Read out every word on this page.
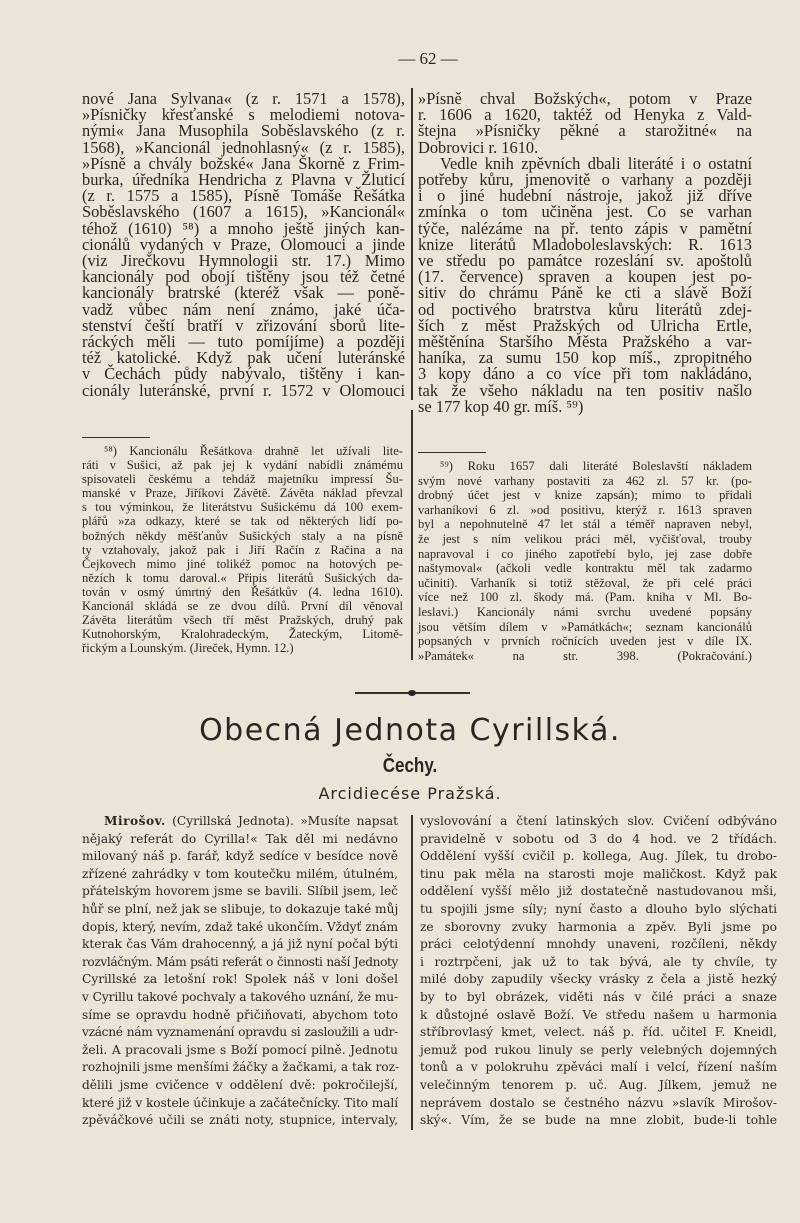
— 62 —
nové Jana Sylvana« (z r. 1571 a 1578),
»Písničky křesťanské s melodiemi notova-
nými« Jana Musophila Soběslavského (z r.
1568), »Kancionál jednohlasný« (z r. 1585),
»Písně a chvály božské« Jana Škorně z Frim-
burka, úředníka Hendricha z Plavna v Žluticí
(z r. 1575 a 1585), Písně Tomáše Řešátka
Soběslavského (1607 a 1615), »Kancionál«
téhož (1610) ⁵⁸) a mnoho ještě jiných kan-
cionálů vydaných v Praze, Olomouci a jinde
(viz Jirečkovu Hymnologii str. 17.) Mimo
kancionály pod obojí tištěny jsou též četné
kancionály bratrské (kteréž však — poně-
vadž vůbec nám není známo, jaké úča-
stenství čeští bratří v zřizování sborů lite-
ráckých měli — tuto pomíjíme) a později
též katolické. Když pak učení luteránské
v Čechách půdy nabývalo, tištěny i kan-
cionály luteránské, první r. 1572 v Olomouci
»Písně chval Božských«, potom v Praze
r. 1606 a 1620, taktéž od Henyka z Vald-
štejna »Písničky pěkné a starožitné« na
Dobrovici r. 1610.
Vedle knih zpěvních dbali literáté i o ostatní
potřeby kůru, jmenovitě o varhany a později
i o jiné hudební nástroje, jakož již dříve
zmínka o tom učiněna jest. Co se varhan
týče, nalézáme na př. tento zápis v pamětní
knize literátů Mladoboleslavských: R. 1613
ve středu po památce rozeslání sv. apoštolů
(17. července) spraven a koupen jest po-
sitiv do chrámu Páně ke cti a slávě Boží
od poctivého bratrstva kůru literátů zdej-
ších z měst Pražských od Ulricha Ertle,
měštěnína Staršího Města Pražského a var-
haníka, za sumu 150 kop míš., zpropitného
3 kopy dáno a co více při tom nakládáno,
tak že všeho nákladu na ten positiv našlo
se 177 kop 40 gr. míš. ⁵⁹)
⁵⁸) Kancionálu Řešátkova drahně let užívali lite-
ráti v Sušici, až pak jej k vydání nabídli známému
spisovateli českému a tehdáž majetníku impressí Šu-
manské v Praze, Jiříkovi Závětě. Závěta náklad převzal
s tou výminkou, že literátstvu Sušickému dá 100 exem-
plářů »za odkazy, které se tak od některých lidí po-
božných někdy měšťanův Sušických staly a na písně
ty vztahovaly, jakož pak i Jiří Račín z Račina a na
Čejkovech mimo jiné tolikéž pomoc na hotových pe-
nězích k tomu daroval.« Připis literátů Sušických da-
tován v osmý úmrtný den Řešátkův (4. ledna 1610).
Kancionál skládá se ze dvou dílů. První díl věnoval
Závěta literátům všech tří měst Pražských, druhý pak
Kutnohorským, Kralohradeckým, Žateckým, Litomě-
řickým a Lounským. (Jireček, Hymn. 12.)
⁵⁹) Roku 1657 dali literáté Boleslavští nákladem
svým nové varhany postaviti za 462 zl. 57 kr. (po-
drobný účet jest v knize zapsán); mimo to přidali
varhaníkovi 6 zl. »od positivu, kterýž r. 1613 spraven
byl a nepohnutelně 47 let stál a téměř napraven nebyl,
že jest s ním velikou práci měl, vyčišťoval, trouby
napravoval i co jiného zapotřebí bylo, jej zase dobře
naštymoval« (ačkoli vedle kontraktu měl tak zadarmo
učiniti). Varhaník si totiž stěžoval, že při celé práci
více než 100 zl. škody má. (Pam. kniha v Ml. Bo-
leslavi.) Kancionály námi svrchu uvedené popsány
jsou větším dílem v »Památkách«; seznam kancionálů
popsaných v prvních ročnících uveden jest v díle IX.
»Památek« na str. 398. (Pokračování.)
Obecná Jednota Cyrillská.
Čechy.
Arcidiecése Pražská.
Mirošov. (Cyrillská Jednota). »Musíte napsat
nějaký referát do Cyrilla!« Tak děl mi nedávno
milovaný náš p. farář, když sedíce v besídce nově
zřízené zahrádky v tom koutečku milém, útulném,
přátelským hovorem jsme se bavili. Slíbil jsem, leč
hůř se plní, než jak se slibuje, to dokazuje také můj
dopis, který, nevím, zdaž také ukončím. Vždyť znám
kterak čas Vám drahocenný, a já již nyní počal býti
rozvláčným. Mám psáti referát o činnosti naší Jednoty
Cyrillské za letošní rok! Spolek náš v loni došel
v Cyrillu takové pochvaly a takového uznání, že mu-
síme se opravdu hodně přičiňovati, abychom toto
vzácné nám vyznamenání opravdu si zasloužili a udr-
želi. A pracovali jsme s Boží pomocí pilně. Jednotu
rozhojnili jsme menšími žáčky a žačkami, a tak roz-
dělili jsme cvičence v oddělení dvě: pokročilejší,
které již v kostele účinkuje a začátečnícky. Tito malí
zpěváčkové učili se znáti noty, stupnice, intervaly,
vyslovování a čtení latinských slov. Cvičení odbýváno
pravidelně v sobotu od 3 do 4 hod. ve 2 třídách.
Oddělení vyšší cvičil p. kollega, Aug. Jílek, tu drobo-
tinu pak měla na starosti moje maličkost. Když pak
oddělení vyšší mělo již dostatečně nastudovanou mši,
tu spojili jsme síly; nyní často a dlouho bylo slýchati
ze sborovny zvuky harmonia a zpěv. Byli jsme po
práci celotýdenní mnohdy unaveni, rozčíleni, někdy
i roztrpčeni, jak už to tak bývá, ale ty chvíle, ty
milé doby zapudily všecky vrásky z čela a jistě hezký
by to byl obrázek, viděti nás v čilé práci a snaze
k důstojné oslavě Boží. Ve středu našem u harmonia
stříbrovlasý kmet, velect. náš p. říd. učitel F. Kneidl,
jemuž pod rukou linuly se perly velebných dojemných
tonů a v polokruhu zpěváci malí i velcí, řízení naším
velečinným tenorem p. uč. Aug. Jílkem, jemuž ne
neprávem dostalo se čestného názvu »slavík Mirošov-
ský«. Vím, že se bude na mne zlobit, bude-li tohle
